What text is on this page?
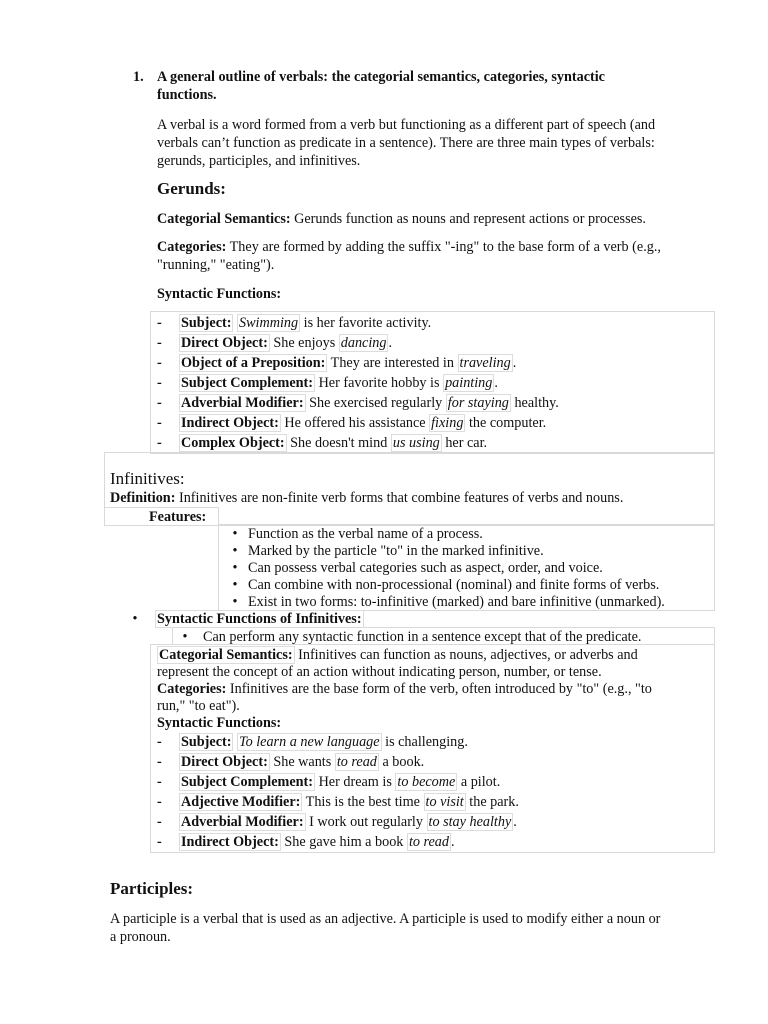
1. A general outline of verbals: the categorial semantics, categories, syntactic
functions.
A verbal is a word formed from a verb but functioning as a different part of speech (and
verbals can’t function as predicate in a sentence). There are three main types of verbals:
gerunds, participles, and infinitives.
Gerunds:
Categorial Semantics: Gerunds function as nouns and represent actions or processes.
Categories: They are formed by adding the suffix "-ing" to the base form of a verb (e.g.,
"running," "eating").
Syntactic Functions:
- Subject: Swimming is her favorite activity.
- Direct Object: She enjoys dancing .
- Object of a Preposition: They are interested in traveling .
- Subject Complement: Her favorite hobby is painting .
- Adverbial Modifier: She exercised regularly for staying healthy.
- Indirect Object: He offered his assistance fixing the computer.
- Complex Object: She doesn't mind us using her car.
Infinitives:
Definition: Infinitives are non-finite verb forms that combine features of verbs and nouns.
Features:
• Function as the verbal name of a process.
• Marked by the particle "to" in the marked infinitive.
• Can possess verbal categories such as aspect, order, and voice.
• Can combine with non-processional (nominal) and finite forms of verbs.
• Exist in two forms: to-infinitive (marked) and bare infinitive (unmarked).
•	Syntactic Functions of Infinitives:
•	Can perform any syntactic function in a sentence except that of the predicate.
Categorial Semantics: Infinitives can function as nouns, adjectives, or adverbs and
represent the concept of an action without indicating person, number, or tense.
Categories: Infinitives are the base form of the verb, often introduced by "to" (e.g., "to
run," "to eat").
Syntactic Functions:
- Subject: To learn a new language is challenging.
- Direct Object: She wants to read a book.
- Subject Complement: Her dream is to become a pilot.
- Adjective Modifier: This is the best time to visit the park.
- Adverbial Modifier: I work out regularly to stay healthy .
- Indirect Object: She gave him a book to read .
Participles:
A participle is a verbal that is used as an adjective. A participle is used to modify either a noun or
a pronoun.
